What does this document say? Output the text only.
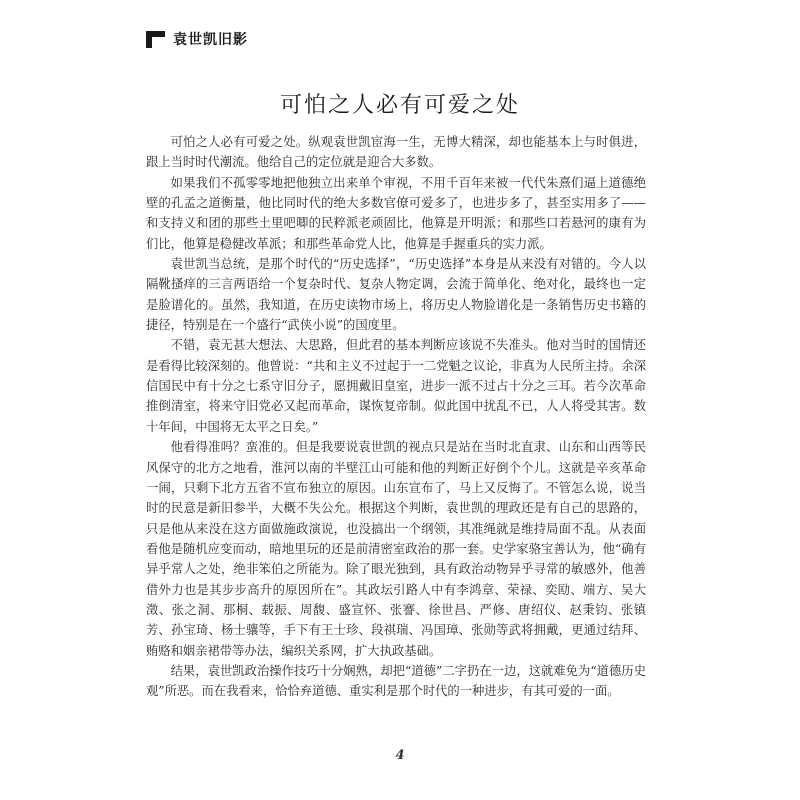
袁世凯旧影
可怕之人必有可爱之处

可怕之人必有可爱之处。纵观袁世凯宦海一生，无博大精深，却也能基本上与时俱进，跟上当时时代潮流。他给自己的定位就是迎合大多数。

如果我们不孤零零地把他独立出来单个审视，不用千百年来被一代代朱熹们逼上道德绝壁的孔孟之道衡量，他比同时代的绝大多数官僚可爱多了，也进步多了，甚至实用多了——和支持义和团的那些土里吧唧的民粹派老顽固比，他算是开明派；和那些口若悬河的康有为们比，他算是稳健改革派；和那些革命党人比，他算是手握重兵的实力派。

袁世凯当总统，是那个时代的“历史选择”，“历史选择”本身是从来没有对错的。今人以隔靴搔痒的三言两语给一个复杂时代、复杂人物定调，会流于简单化、绝对化，最终也一定是脸谱化的。虽然，我知道，在历史读物市场上，将历史人物脸谱化是一条销售历史书籍的捷径，特别是在一个盛行“武侠小说”的国度里。

不错，袁无甚大想法、大思路，但此君的基本判断应该说不失准头。他对当时的国情还是看得比较深刻的。他曾说：“共和主义不过起于一二党魁之议论，非真为人民所主持。余深信国民中有十分之七系守旧分子，愿拥戴旧皇室，进步一派不过占十分之三耳。若今次革命推倒清室，将来守旧党必又起而革命，谋恢复帝制。似此国中扰乱不已，人人将受其害。数十年间，中国将无太平之日矣。”

他看得准吗？蛮准的。但是我要说袁世凯的视点只是站在当时北直隶、山东和山西等民风保守的北方之地看，淮河以南的半壁江山可能和他的判断正好倒个个儿。这就是辛亥革命一闹，只剩下北方五省不宣布独立的原因。山东宣布了，马上又反悔了。不管怎么说，说当时的民意是新旧参半，大概不失公允。根据这个判断，袁世凯的理政还是有自己的思路的，只是他从来没在这方面做施政演说，也没搞出一个纲领，其准绳就是维持局面不乱。从表面看他是随机应变而动，暗地里玩的还是前清密室政治的那一套。史学家骆宝善认为，他“确有异乎常人之处，绝非笨伯之所能为。除了眼光独到，具有政治动物异乎寻常的敏感外，他善借外力也是其步步高升的原因所在”。其政坛引路人中有李鸿章、荣禄、奕劻、端方、吴大澂、张之洞、那桐、载振、周馥、盛宣怀、张謇、徐世昌、严修、唐绍仪、赵秉钧、张镇芳、孙宝琦、杨士骧等，手下有王士珍、段祺瑞、冯国璋、张勋等武将拥戴，更通过结拜、贿赂和姻亲裙带等办法，编织关系网，扩大执政基础。

结果，袁世凯政治操作技巧十分娴熟，却把“道德”二字扔在一边，这就难免为“道德历史观”所恶。而在我看来，恰恰弃道德、重实利是那个时代的一种进步，有其可爱的一面。

4
